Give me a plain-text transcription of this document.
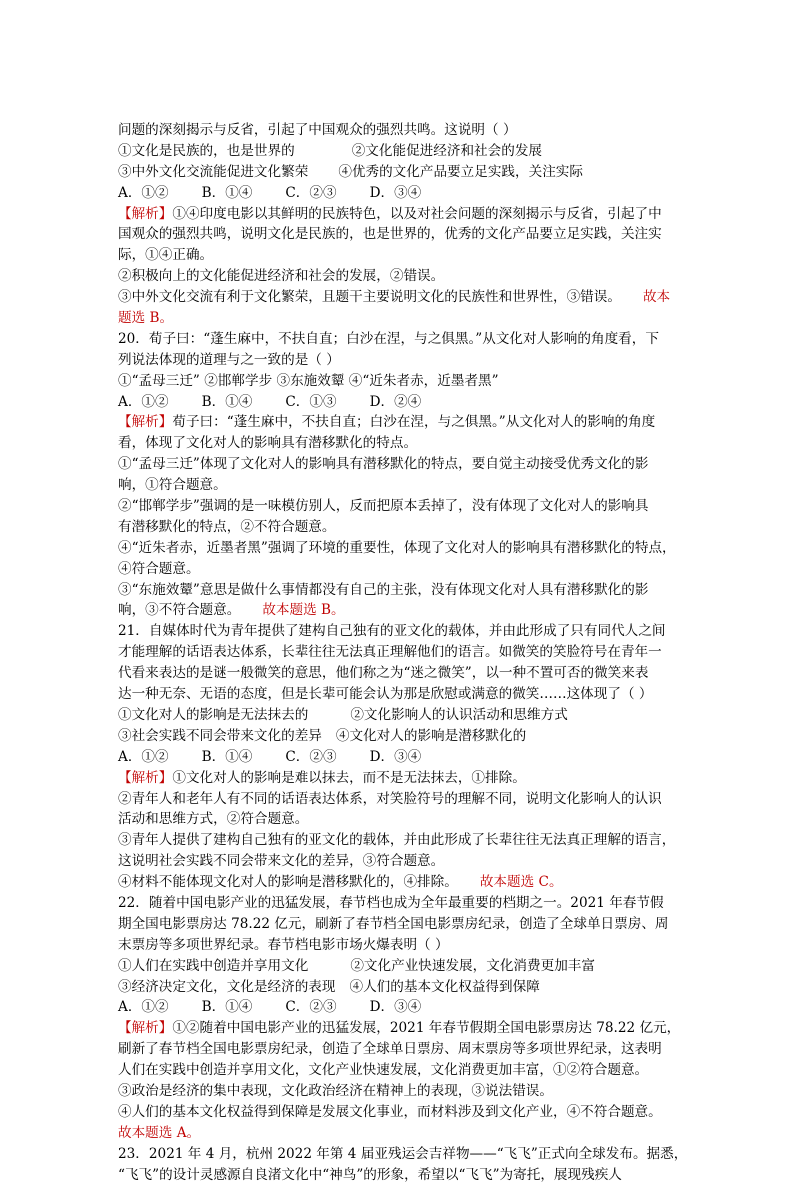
问题的深刻揭示与反省，引起了中国观众的强烈共鸣。这说明（ ）
①文化是民族的，也是世界的	②文化能促进经济和社会的发展
③中外文化交流能促进文化繁荣 ④优秀的文化产品要立足实践，关注实际
A．①② B．①④ C．②③ D．③④
【解析】①④印度电影以其鲜明的民族特色，以及对社会问题的深刻揭示与反省，引起了中
国观众的强烈共鸣，说明文化是民族的，也是世界的，优秀的文化产品要立足实践，关注实
际，①④正确。
②积极向上的文化能促进经济和社会的发展，②错误。
③中外文化交流有利于文化繁荣，且题干主要说明文化的民族性和世界性，③错误。 故本
题选 B。
20．荀子曰：“蓬生麻中，不扶自直；白沙在涅，与之俱黑。”从文化对人影响的角度看，下
列说法体现的道理与之一致的是（ ）
①“孟母三迁” ②邯郸学步 ③东施效颦 ④“近朱者赤，近墨者黑”
A．①② B．①④ C．①③ D．②④
【解析】荀子曰：“蓬生麻中，不扶自直；白沙在涅，与之俱黑。”从文化对人的影响的角度
看，体现了文化对人的影响具有潜移默化的特点。
①“孟母三迁”体现了文化对人的影响具有潜移默化的特点，要自觉主动接受优秀文化的影
响，①符合题意。
②“邯郸学步”强调的是一味模仿别人，反而把原本丢掉了，没有体现了文化对人的影响具
有潜移默化的特点，②不符合题意。
④“近朱者赤，近墨者黑”强调了环境的重要性，体现了文化对人的影响具有潜移默化的特点，
④符合题意。
③“东施效颦”意思是做什么事情都没有自己的主张，没有体现文化对人具有潜移默化的影
响，③不符合题意。 故本题选 B。
21．自媒体时代为青年提供了建构自己独有的亚文化的载体，并由此形成了只有同代人之间
才能理解的话语表达体系，长辈往往无法真正理解他们的语言。如微笑的笑脸符号在青年一
代看来表达的是谜一般微笑的意思，他们称之为“迷之微笑”，以一种不置可否的微笑来表
达一种无奈、无语的态度，但是长辈可能会认为那是欣慰或满意的微笑……这体现了（ ）
①文化对人的影响是无法抹去的	②文化影响人的认识活动和思维方式
③社会实践不同会带来文化的差异 ④文化对人的影响是潜移默化的
A．①② B．①④ C．②③ D．③④
【解析】①文化对人的影响是难以抹去，而不是无法抹去，①排除。
②青年人和老年人有不同的话语表达体系，对笑脸符号的理解不同，说明文化影响人的认识
活动和思维方式，②符合题意。
③青年人提供了建构自己独有的亚文化的载体，并由此形成了长辈往往无法真正理解的语言，
这说明社会实践不同会带来文化的差异，③符合题意。
④材料不能体现文化对人的影响是潜移默化的，④排除。 故本题选 C。
22．随着中国电影产业的迅猛发展，春节档也成为全年最重要的档期之一。2021 年春节假
期全国电影票房达 78.22 亿元，刷新了春节档全国电影票房纪录，创造了全球单日票房、周
末票房等多项世界纪录。春节档电影市场火爆表明（ ）
①人们在实践中创造并享用文化	②文化产业快速发展，文化消费更加丰富
③经济决定文化，文化是经济的表现 ④人们的基本文化权益得到保障
A．①② B．①④ C．②③ D．③④
【解析】①②随着中国电影产业的迅猛发展，2021 年春节假期全国电影票房达 78.22 亿元，
刷新了春节档全国电影票房纪录，创造了全球单日票房、周末票房等多项世界纪录，这表明
人们在实践中创造并享用文化，文化产业快速发展，文化消费更加丰富，①②符合题意。
③政治是经济的集中表现，文化政治经济在精神上的表现，③说法错误。
④人们的基本文化权益得到保障是发展文化事业，而材料涉及到文化产业，④不符合题意。
故本题选 A。
23．2021 年 4 月，杭州 2022 年第 4 届亚残运会吉祥物——“飞飞”正式向全球发布。据悉，
“飞飞”的设计灵感源自良渚文化中“神鸟”的形象，希望以“飞飞”为寄托，展现残疾人
